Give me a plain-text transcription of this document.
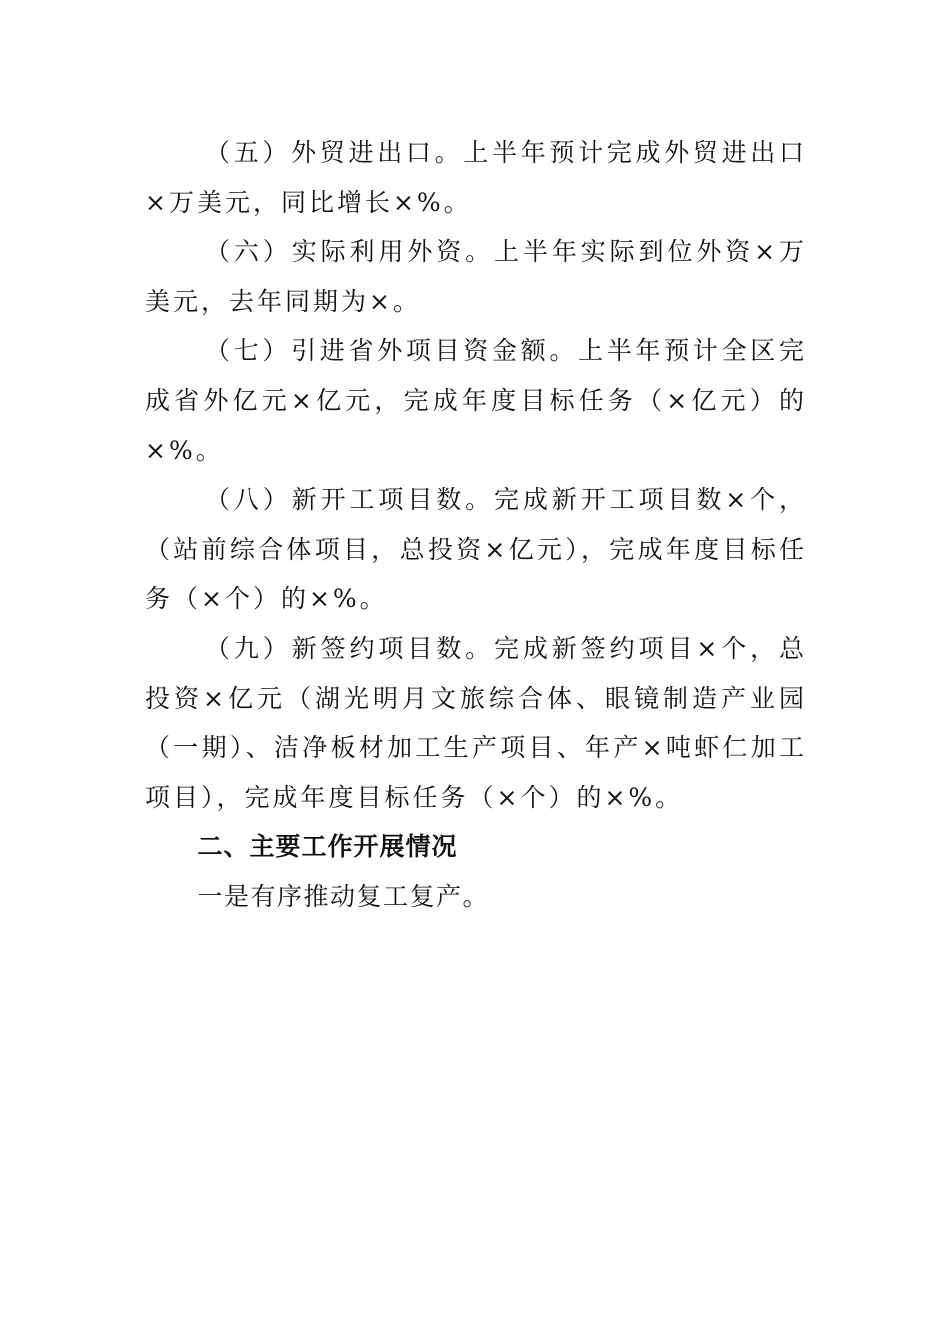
（五）外贸进出口。上半年预计完成外贸进出口×万美元，同比增长×%。

（六）实际利用外资。上半年实际到位外资×万美元，去年同期为×。

（七）引进省外项目资金额。上半年预计全区完成省外亿元×亿元，完成年度目标任务（×亿元）的×%。

（八）新开工项目数。完成新开工项目数×个，（站前综合体项目，总投资×亿元），完成年度目标任务（×个）的×%。

（九）新签约项目数。完成新签约项目×个，总投资×亿元（湖光明月文旅综合体、眼镜制造产业园（一期）、洁净板材加工生产项目、年产×吨虾仁加工项目），完成年度目标任务（×个）的×%。

二、主要工作开展情况

一是有序推动复工复产。
